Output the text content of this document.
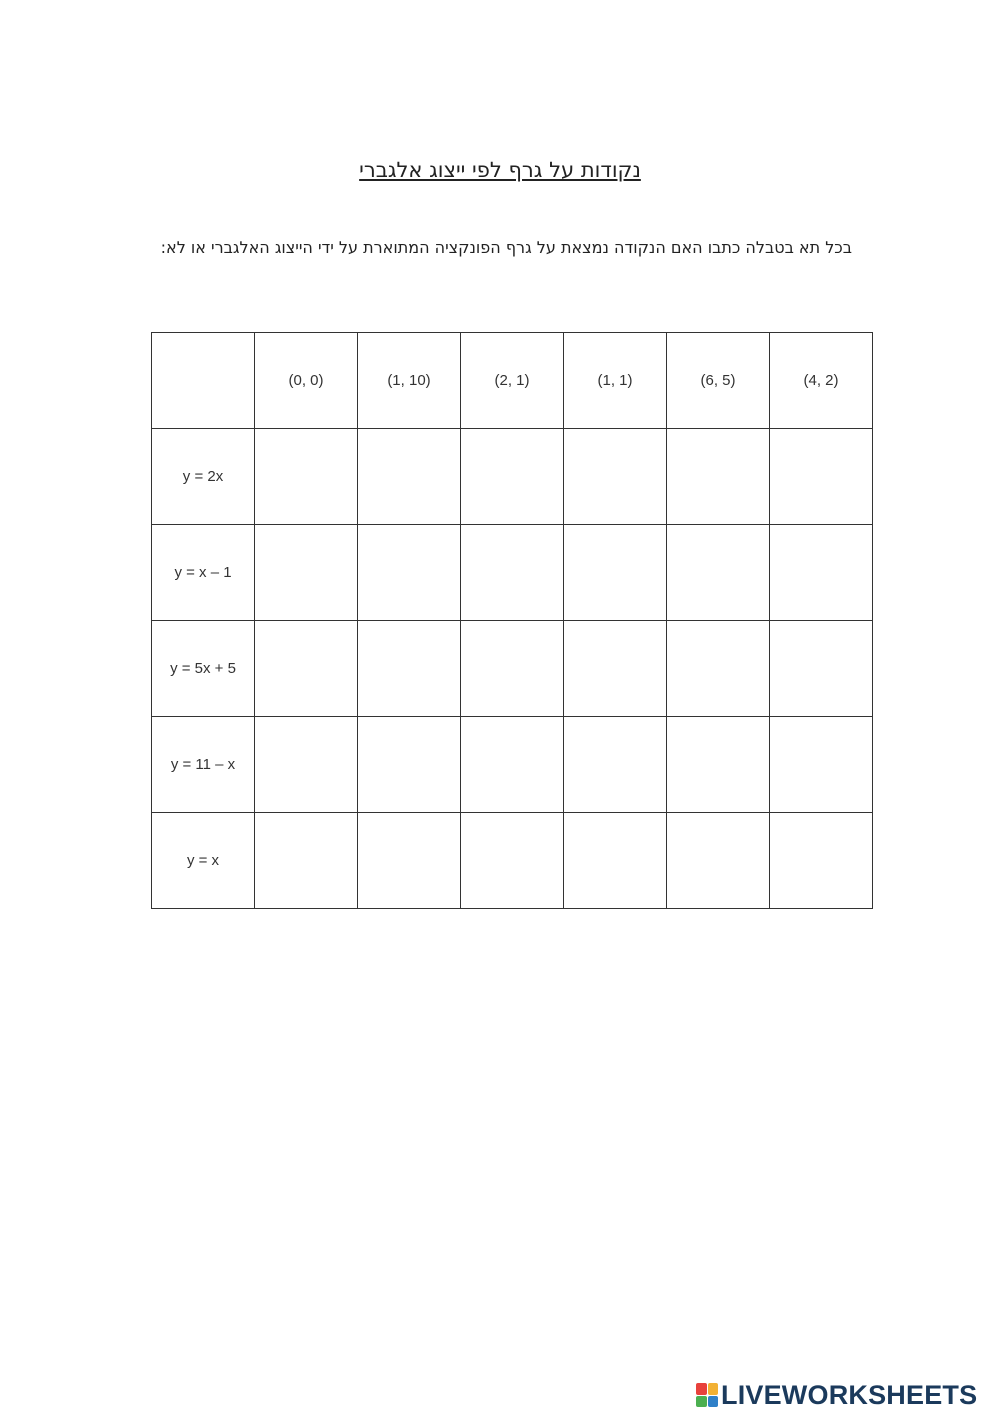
נקודות על גרף לפי ייצוג אלגברי
בכל תא בטבלה כתבו האם הנקודה נמצאת על גרף הפונקציה המתוארת על ידי הייצוג האלגברי או לא:
	(0, 0)	(1, 10)	(2, 1)	(1, 1)	(6, 5)	(4, 2)
y = 2x						
y = x – 1						
y = 5x + 5						
y = 11 – x						
y = x						
LIVEWORKSHEETS
